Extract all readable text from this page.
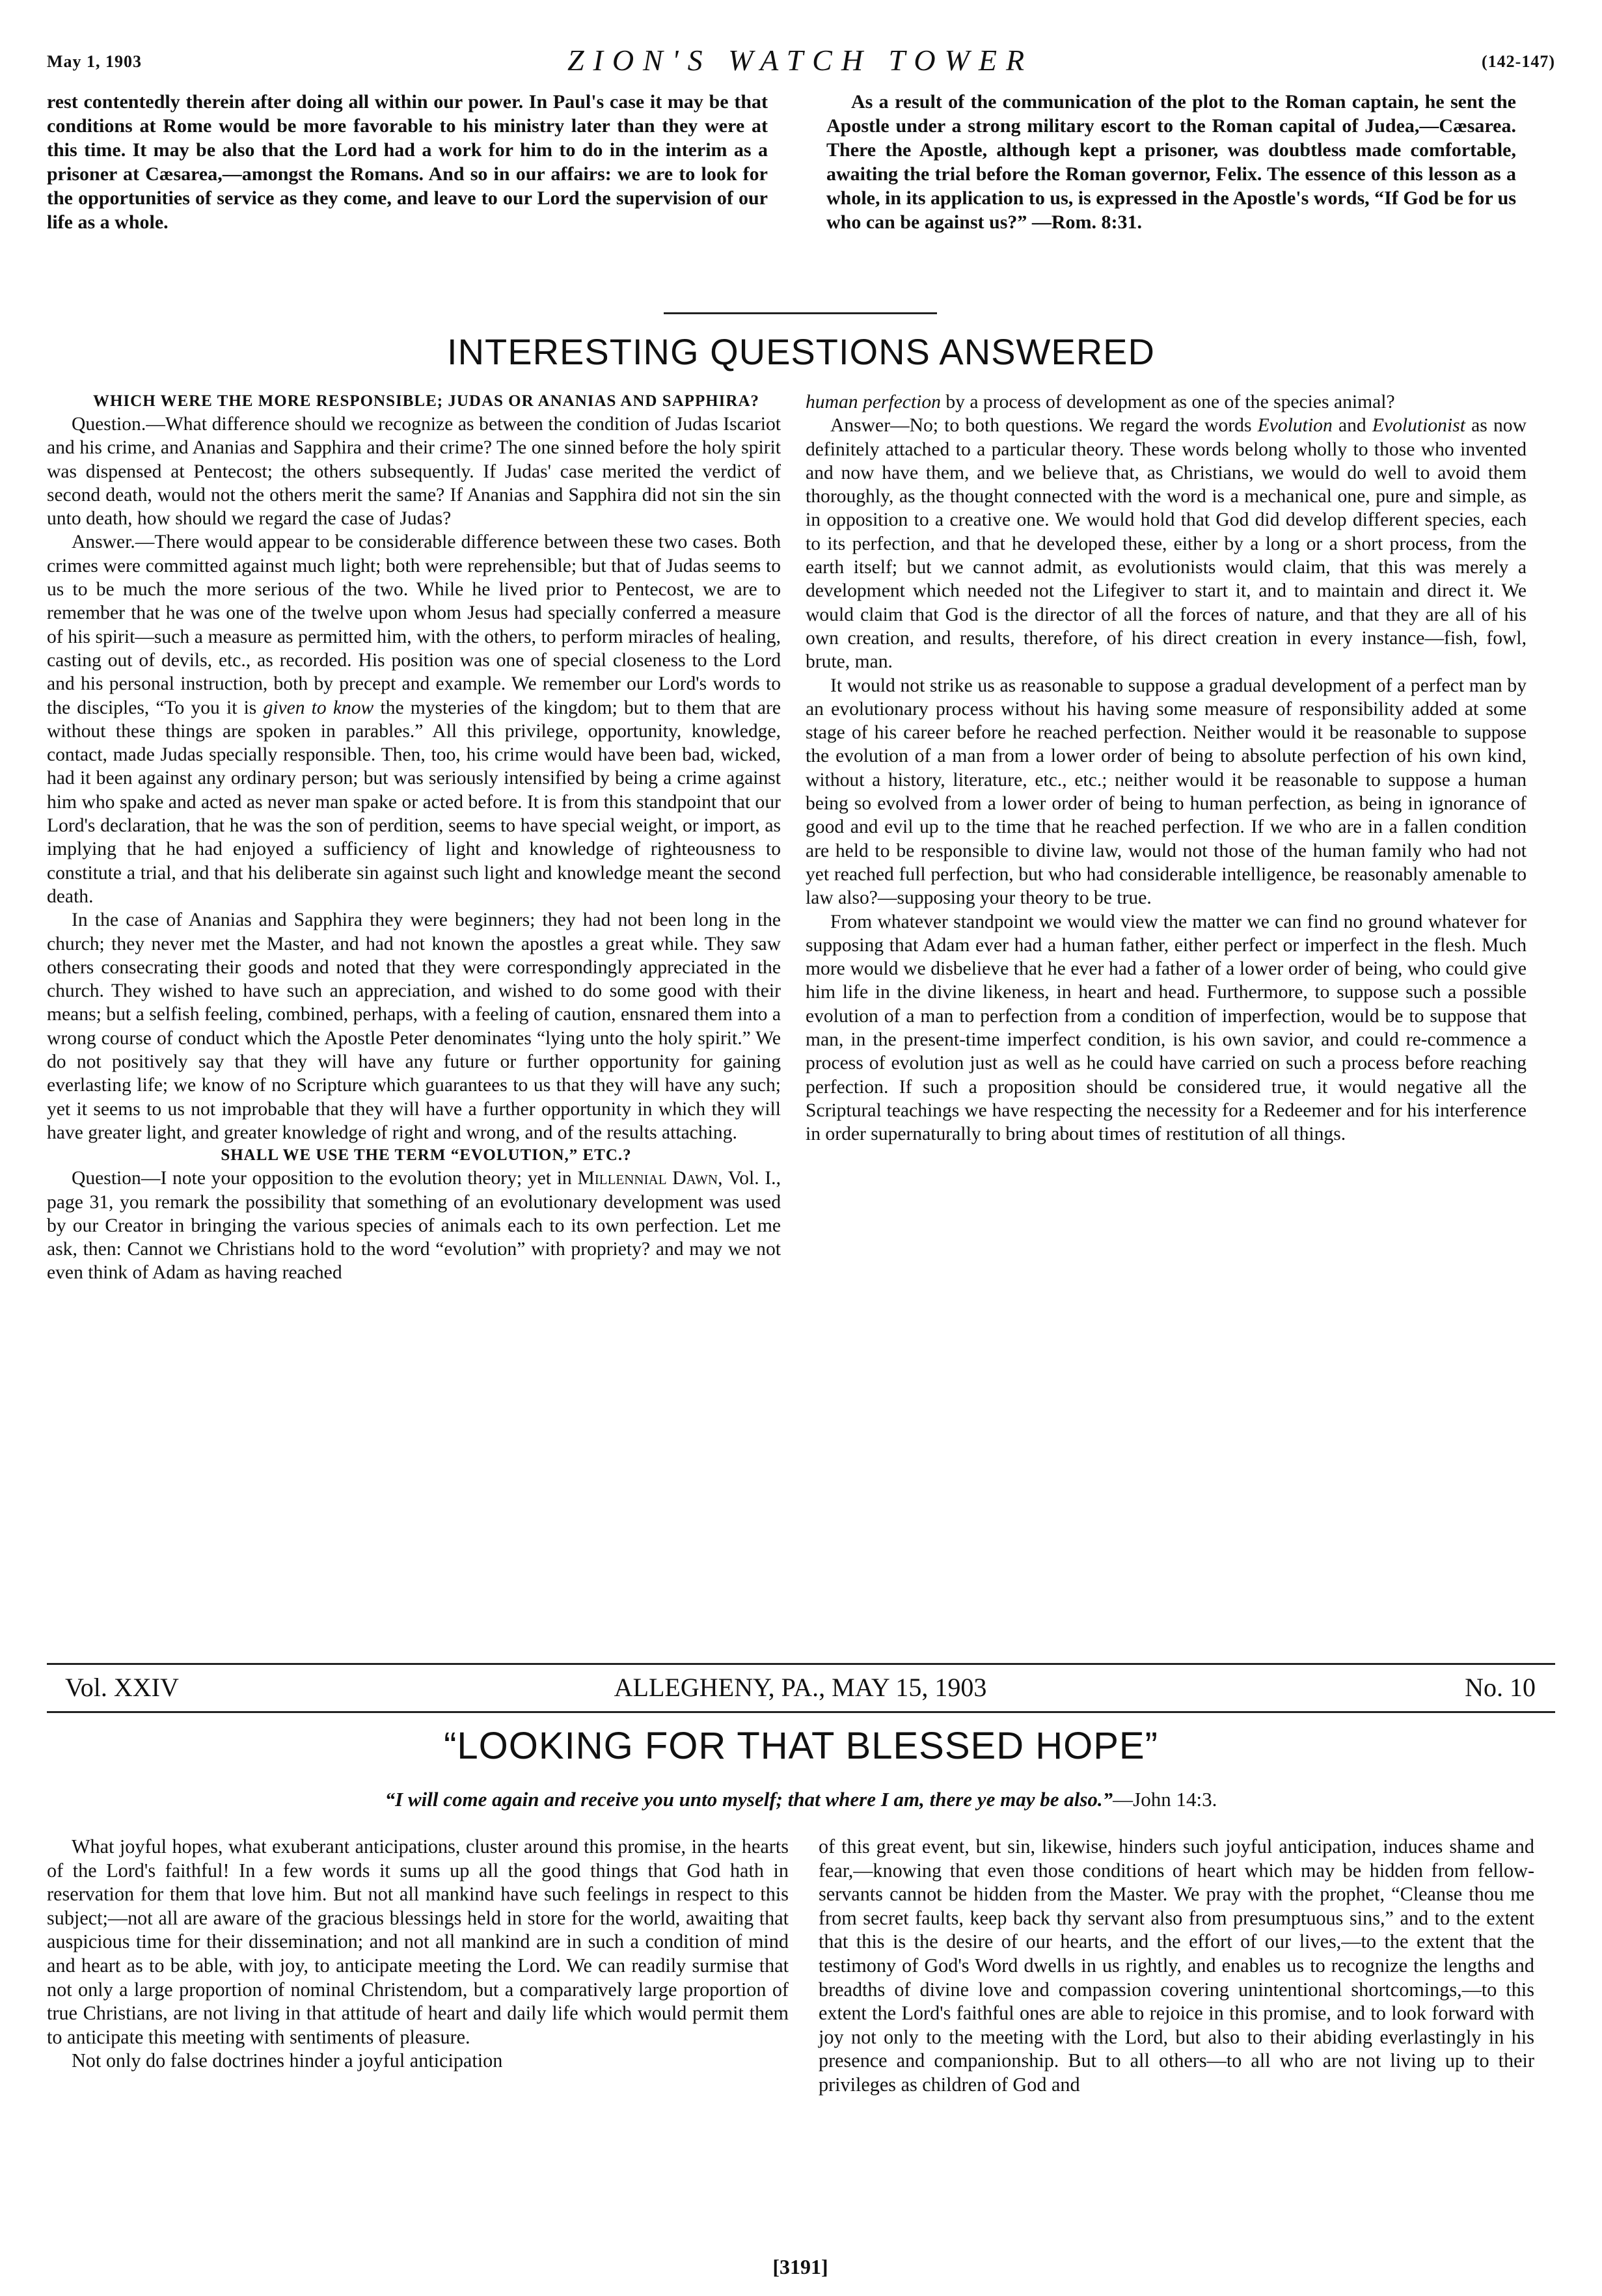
May 1, 1903	ZION'S WATCH TOWER	(142-147)

rest contentedly therein after doing all within our power. In Paul's case it may be that conditions at Rome would be more favorable to his ministry later than they were at this time. It may be also that the Lord had a work for him to do in the interim as a prisoner at Cæsarea,—amongst the Romans. And so in our affairs: we are to look for the opportunities of service as they come, and leave to our Lord the supervision of our life as a whole.

As a result of the communication of the plot to the Roman captain, he sent the Apostle under a strong military escort to the Roman capital of Judea,—Cæsarea. There the Apostle, although kept a prisoner, was doubtless made comfortable, awaiting the trial before the Roman governor, Felix. The essence of this lesson as a whole, in its application to us, is expressed in the Apostle's words, “If God be for us who can be against us?” —Rom. 8:31.

INTERESTING QUESTIONS ANSWERED

WHICH WERE THE MORE RESPONSIBLE; JUDAS OR ANANIAS AND SAPPHIRA?

Question.—What difference should we recognize as between the condition of Judas Iscariot and his crime, and Ananias and Sapphira and their crime? The one sinned before the holy spirit was dispensed at Pentecost; the others subsequently. If Judas' case merited the verdict of second death, would not the others merit the same? If Ananias and Sapphira did not sin the sin unto death, how should we regard the case of Judas?

Answer.—There would appear to be considerable difference between these two cases. Both crimes were committed against much light; both were reprehensible; but that of Judas seems to us to be much the more serious of the two. While he lived prior to Pentecost, we are to remember that he was one of the twelve upon whom Jesus had specially conferred a measure of his spirit—such a measure as permitted him, with the others, to perform miracles of healing, casting out of devils, etc., as recorded. His position was one of special closeness to the Lord and his personal instruction, both by precept and example. We remember our Lord's words to the disciples, “To you it is given to know the mysteries of the kingdom; but to them that are without these things are spoken in parables.” All this privilege, opportunity, knowledge, contact, made Judas specially responsible. Then, too, his crime would have been bad, wicked, had it been against any ordinary person; but was seriously intensified by being a crime against him who spake and acted as never man spake or acted before. It is from this standpoint that our Lord's declaration, that he was the son of perdition, seems to have special weight, or import, as implying that he had enjoyed a sufficiency of light and knowledge of righteousness to constitute a trial, and that his deliberate sin against such light and knowledge meant the second death.

In the case of Ananias and Sapphira they were beginners; they had not been long in the church; they never met the Master, and had not known the apostles a great while. They saw others consecrating their goods and noted that they were correspondingly appreciated in the church. They wished to have such an appreciation, and wished to do some good with their means; but a selfish feeling, combined, perhaps, with a feeling of caution, ensnared them into a wrong course of conduct which the Apostle Peter denominates “lying unto the holy spirit.” We do not positively say that they will have any future or further opportunity for gaining everlasting life; we know of no Scripture which guarantees to us that they will have any such; yet it seems to us not improbable that they will have a further opportunity in which they will have greater light, and greater knowledge of right and wrong, and of the results attaching.

SHALL WE USE THE TERM “EVOLUTION,” ETC.?

Question—I note your opposition to the evolution theory; yet in Millennial Dawn, Vol. I., page 31, you remark the possibility that something of an evolutionary development was used by our Creator in bringing the various species of animals each to its own perfection. Let me ask, then: Cannot we Christians hold to the word “evolution” with propriety? and may we not even think of Adam as having reached

human perfection by a process of development as one of the species animal?

Answer—No; to both questions. We regard the words Evolution and Evolutionist as now definitely attached to a particular theory. These words belong wholly to those who invented and now have them, and we believe that, as Christians, we would do well to avoid them thoroughly, as the thought connected with the word is a mechanical one, pure and simple, as in opposition to a creative one. We would hold that God did develop different species, each to its perfection, and that he developed these, either by a long or a short process, from the earth itself; but we cannot admit, as evolutionists would claim, that this was merely a development which needed not the Lifegiver to start it, and to maintain and direct it. We would claim that God is the director of all the forces of nature, and that they are all of his own creation, and results, therefore, of his direct creation in every instance—fish, fowl, brute, man.

It would not strike us as reasonable to suppose a gradual development of a perfect man by an evolutionary process without his having some measure of responsibility added at some stage of his career before he reached perfection. Neither would it be reasonable to suppose the evolution of a man from a lower order of being to absolute perfection of his own kind, without a history, literature, etc., etc.; neither would it be reasonable to suppose a human being so evolved from a lower order of being to human perfection, as being in ignorance of good and evil up to the time that he reached perfection. If we who are in a fallen condition are held to be responsible to divine law, would not those of the human family who had not yet reached full perfection, but who had considerable intelligence, be reasonably amenable to law also?—supposing your theory to be true.

From whatever standpoint we would view the matter we can find no ground whatever for supposing that Adam ever had a human father, either perfect or imperfect in the flesh. Much more would we disbelieve that he ever had a father of a lower order of being, who could give him life in the divine likeness, in heart and head. Furthermore, to suppose such a possible evolution of a man to perfection from a condition of imperfection, would be to suppose that man, in the present-time imperfect condition, is his own savior, and could re-commence a process of evolution just as well as he could have carried on such a process before reaching perfection. If such a proposition should be considered true, it would negative all the Scriptural teachings we have respecting the necessity for a Redeemer and for his interference in order supernaturally to bring about times of restitution of all things.

Vol. XXIV	ALLEGHENY, PA., MAY 15, 1903	No. 10
“LOOKING FOR THAT BLESSED HOPE”
“I will come again and receive you unto myself; that where I am, there ye may be also.”—John 14:3.

What joyful hopes, what exuberant anticipations, cluster around this promise, in the hearts of the Lord's faithful! In a few words it sums up all the good things that God hath in reservation for them that love him. But not all mankind have such feelings in respect to this subject;—not all are aware of the gracious blessings held in store for the world, awaiting that auspicious time for their dissemination; and not all mankind are in such a condition of mind and heart as to be able, with joy, to anticipate meeting the Lord. We can readily surmise that not only a large proportion of nominal Christendom, but a comparatively large proportion of true Christians, are not living in that attitude of heart and daily life which would permit them to anticipate this meeting with sentiments of pleasure.

Not only do false doctrines hinder a joyful anticipation

of this great event, but sin, likewise, hinders such joyful anticipation, induces shame and fear,—knowing that even those conditions of heart which may be hidden from fellow-servants cannot be hidden from the Master. We pray with the prophet, “Cleanse thou me from secret faults, keep back thy servant also from presumptuous sins,” and to the extent that this is the desire of our hearts, and the effort of our lives,—to the extent that the testimony of God's Word dwells in us rightly, and enables us to recognize the lengths and breadths of divine love and compassion covering unintentional shortcomings,—to this extent the Lord's faithful ones are able to rejoice in this promise, and to look forward with joy not only to the meeting with the Lord, but also to their abiding everlastingly in his presence and companionship. But to all others—to all who are not living up to their privileges as children of God and

[3191]
